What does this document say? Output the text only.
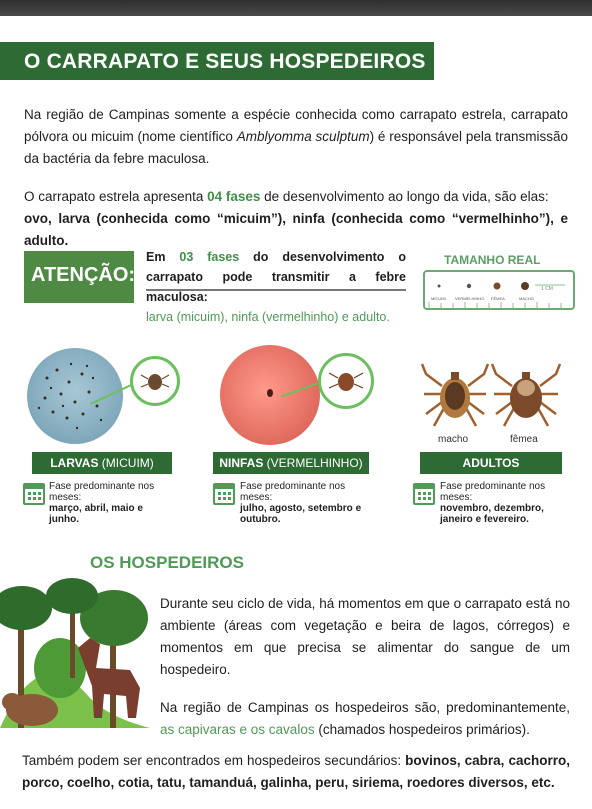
O CARRAPATO E SEUS HOSPEDEIROS

Na região de Campinas somente a espécie conhecida como carrapato estrela, carrapato pólvora ou micuim (nome científico Amblyomma sculptum) é responsável pela transmissão da bactéria da febre maculosa.

O carrapato estrela apresenta 04 fases de desenvolvimento ao longo da vida, são elas:
ovo, larva (conhecida como “micuim”), ninfa (conhecida como “vermelhinho”), e adulto.

ATENÇÃO:
Em 03 fases do desenvolvimento o carrapato pode transmitir a febre maculosa:
larva (micuim), ninfa (vermelhinho) e adulto.
TAMANHO REAL
1 CM
MICUIM VERMELHINHO FÊMEA	MACHO
macho	fêmea
LARVAS (MICUIM)	NINFAS (VERMELHINHO)	ADULTOS
Fase predominante nos meses:
março, abril, maio e junho.
Fase predominante nos meses:
julho, agosto, setembro e outubro.
Fase predominante nos meses:
novembro, dezembro, janeiro e fevereiro.
OS HOSPEDEIROS

Durante seu ciclo de vida, há momentos em que o carrapato está no ambiente (áreas com vegetação e beira de lagos, córregos) e momentos em que precisa se alimentar do sangue de um hospedeiro.

Na região de Campinas os hospedeiros são, predominantemente, as capivaras e os cavalos (chamados hospedeiros primários).

Também podem ser encontrados em hospedeiros secundários: bovinos, cabra, cachorro, porco, coelho, cotia, tatu, tamanduá, galinha, peru, siriema, roedores diversos, etc.
